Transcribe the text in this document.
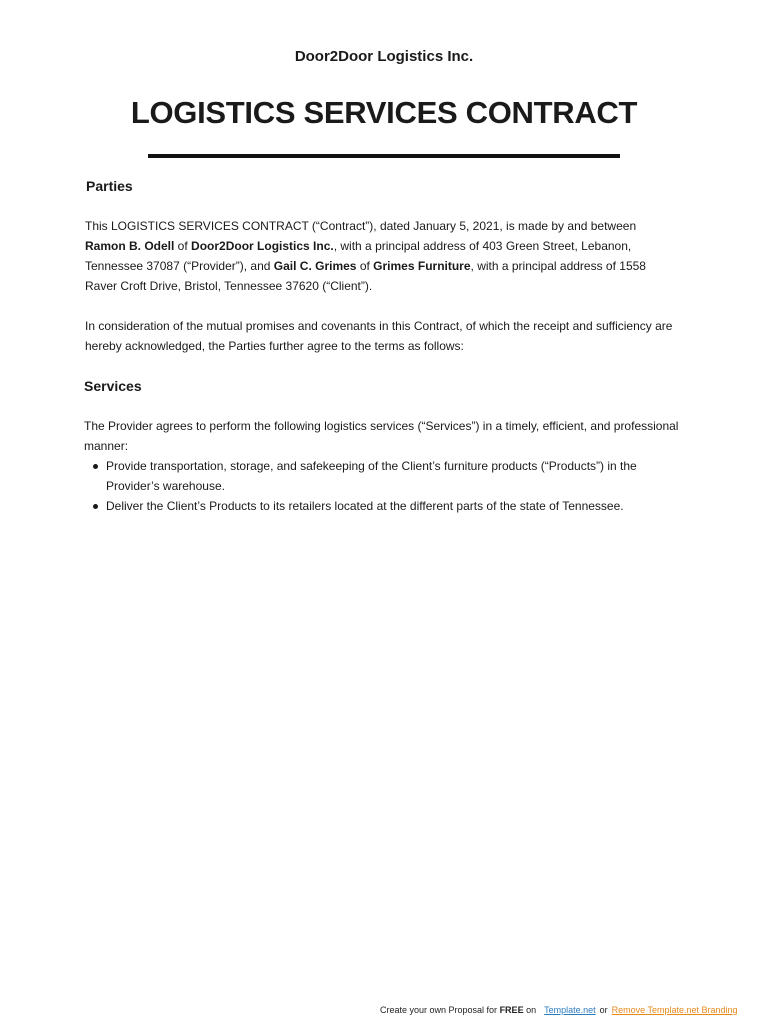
Door2Door Logistics Inc.
LOGISTICS SERVICES CONTRACT
Parties

This LOGISTICS SERVICES CONTRACT (“Contract”), dated January 5, 2021, is made by and between Ramon B. Odell of Door2Door Logistics Inc., with a principal address of 403 Green Street, Lebanon, Tennessee 37087 (“Provider”), and Gail C. Grimes of Grimes Furniture, with a principal address of 1558 Raver Croft Drive, Bristol, Tennessee 37620 (“Client”).

In consideration of the mutual promises and covenants in this Contract, of which the receipt and sufficiency are hereby acknowledged, the Parties further agree to the terms as follows:

Services

The Provider agrees to perform the following logistics services (“Services”) in a timely, efficient, and professional manner:

Provide transportation, storage, and safekeeping of the Client’s furniture products (“Products”) in the Provider’s warehouse.
Deliver the Client’s Products to its retailers located at the different parts of the state of Tennessee.
Create your own Proposal for FREE on Template.net or Remove Template.net Branding
